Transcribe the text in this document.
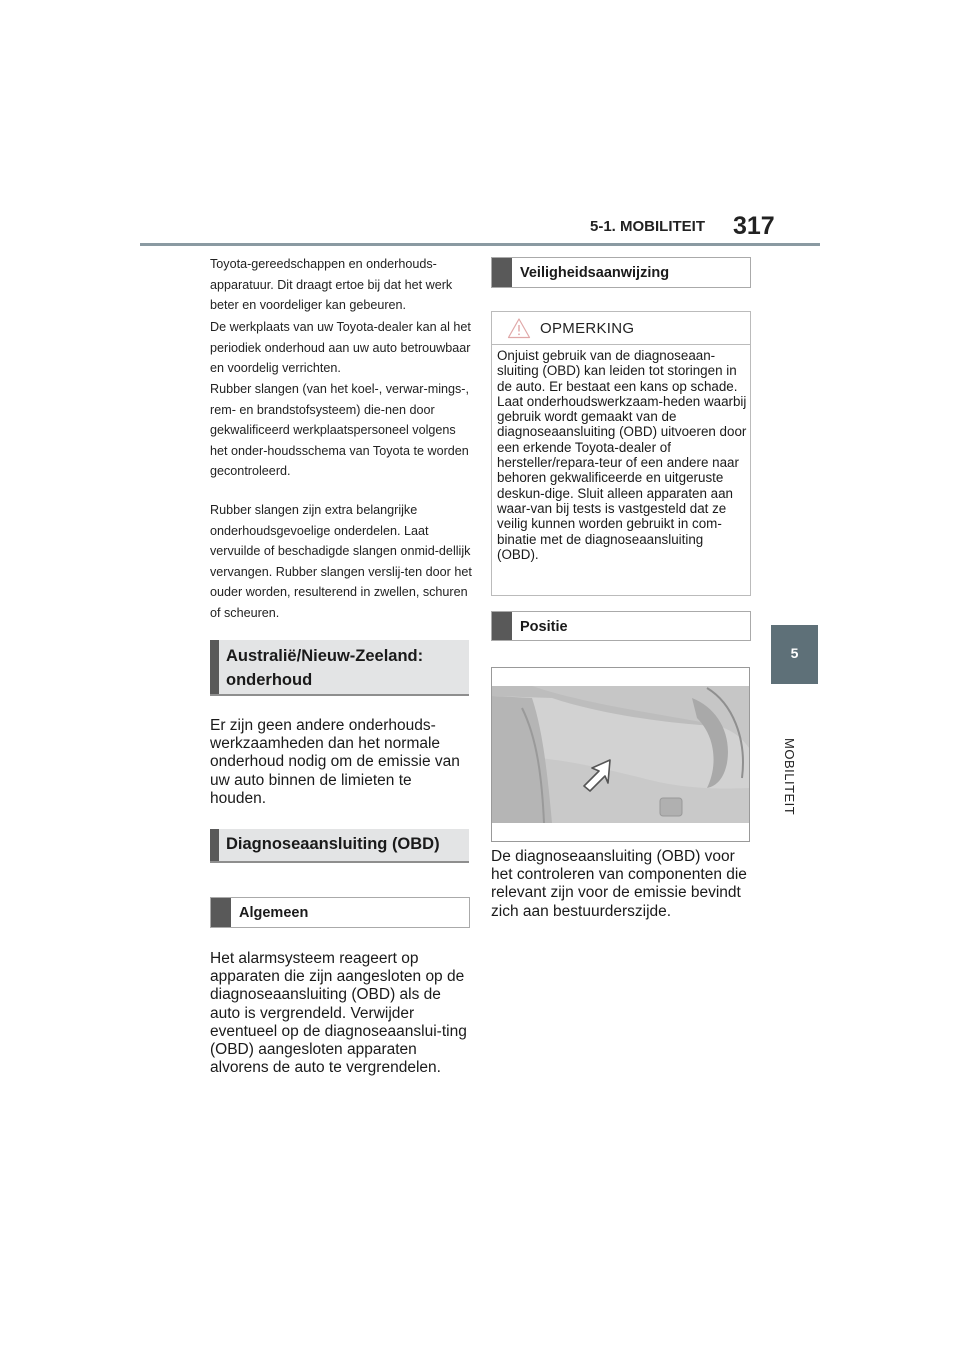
5-1. MOBILITEIT 317
5
MOBILITEIT

Toyota-gereedschappen en onderhouds-apparatuur. Dit draagt ertoe bij dat het werk beter en voordeliger kan gebeuren.

De werkplaats van uw Toyota-dealer kan al het periodiek onderhoud aan uw auto betrouwbaar en voordelig verrichten.

Rubber slangen (van het koel-, verwar-mings-, rem- en brandstofsysteem) die-nen door gekwalificeerd werkplaatspersoneel volgens het onder-houdsschema van Toyota te worden gecontroleerd.

Rubber slangen zijn extra belangrijke onderhoudsgevoelige onderdelen. Laat vervuilde of beschadigde slangen onmid-dellijk vervangen. Rubber slangen verslij-ten door het ouder worden, resulterend in zwellen, schuren of scheuren.

Australië/Nieuw-Zeeland: onderhoud

Er zijn geen andere onderhouds-werkzaamheden dan het normale onderhoud nodig om de emissie van uw auto binnen de limieten te houden.

Diagnoseaansluiting (OBD)
Algemeen

Het alarmsysteem reageert op apparaten die zijn aangesloten op de diagnoseaansluiting (OBD) als de auto is vergrendeld. Verwijder eventueel op de diagnoseaanslui-ting (OBD) aangesloten apparaten alvorens de auto te vergrendelen.

Veiligheidsaanwijzing
OPMERKING

Onjuist gebruik van de diagnoseaan-sluiting (OBD) kan leiden tot storingen in de auto. Er bestaat een kans op schade. Laat onderhoudswerkzaam-heden waarbij gebruik wordt gemaakt van de diagnoseaansluiting (OBD) uitvoeren door een erkende Toyota-dealer of hersteller/repara-teur of een andere naar behoren gekwalificeerde en uitgeruste deskun-dige. Sluit alleen apparaten aan waar-van bij tests is vastgesteld dat ze veilig kunnen worden gebruikt in com-binatie met de diagnoseaansluiting (OBD).

Positie

De diagnoseaansluiting (OBD) voor het controleren van componenten die relevant zijn voor de emissie bevindt zich aan bestuurderszijde.
